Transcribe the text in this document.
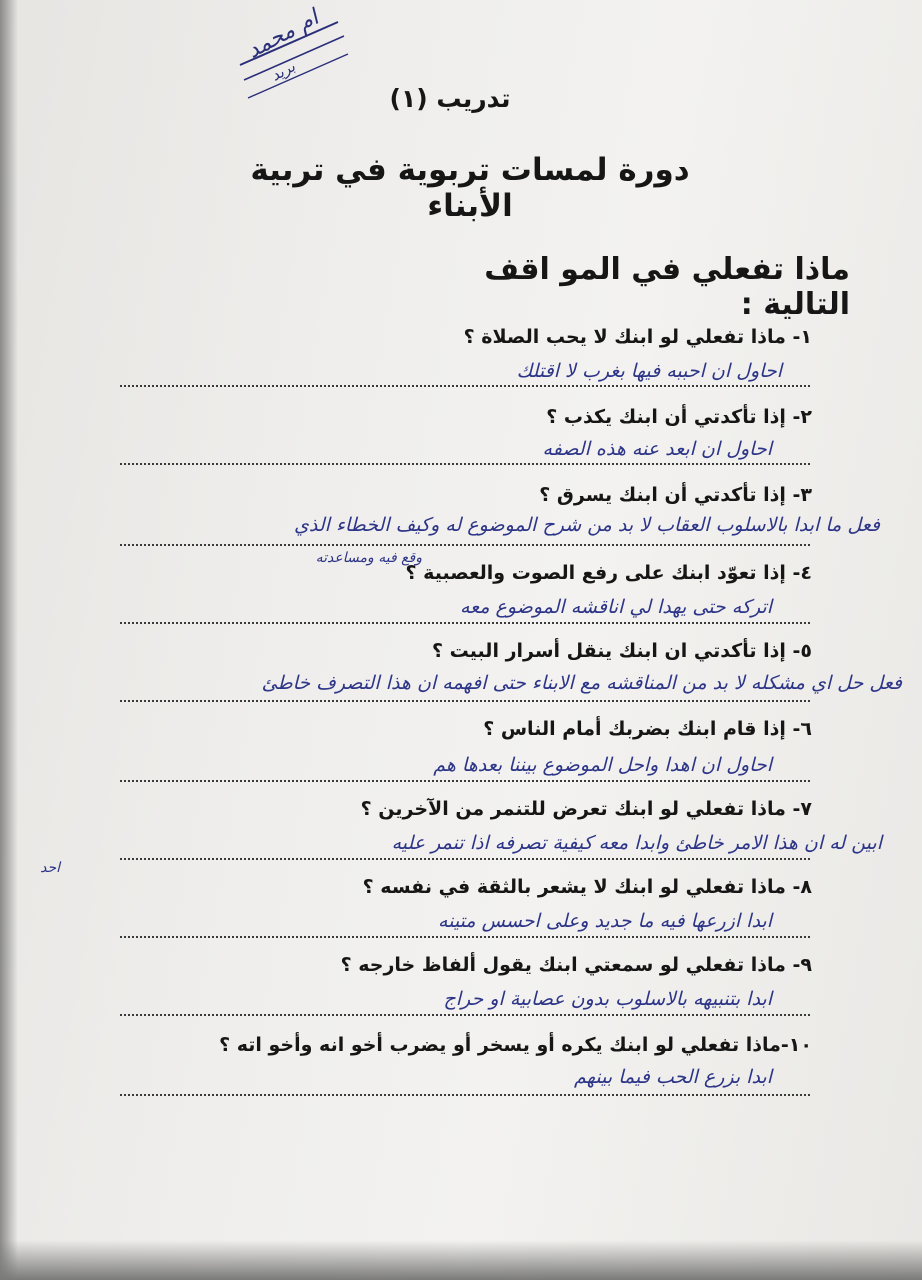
ام محمد
بريد
تدريب (١)
دورة لمسات تربوية في تربية الأبناء
ماذا تفعلي في المو اقف التالية :
١- ماذا تفعلي لو ابنك لا يحب الصلاة ؟
احاول ان احببه فيها بغرب لا اقتلك
٢- إذا تأكدتي أن ابنك يكذب ؟
احاول ان ابعد عنه هذه الصفه
٣- إذا تأكدتي أن ابنك يسرق ؟
فعل ما ابدا بالاسلوب العقاب لا بد من شرح الموضوع له وكيف الخطاء الذي
وقع فيه ومساعدته
٤- إذا تعوّد ابنك على رفع الصوت والعصبية ؟
اتركه حتى يهدا لي اناقشه الموضوع معه
٥- إذا تأكدتي ان ابنك ينقل أسرار البيت ؟
فعل حل اي مشكله لا بد من المناقشه مع الابناء حتى افهمه ان هذا التصرف خاطئ
٦- إذا قام ابنك بضربك أمام الناس ؟
احاول ان اهدا واحل الموضوع بيننا بعدها هم
٧- ماذا تفعلي لو ابنك تعرض للتنمر من الآخرين ؟
ابين له ان هذا الامر خاطئ وابدا معه كيفية تصرفه اذا تنمر عليه
احد
٨- ماذا تفعلي لو ابنك لا يشعر بالثقة في نفسه ؟
ابدا ازرعها فيه ما جديد وعلى احسس متينه
٩- ماذا تفعلي لو سمعتي ابنك يقول ألفاظ خارجه ؟
ابدا بتنبيهه بالاسلوب بدون عصابية او حراج
١٠-ماذا تفعلي لو ابنك يكره أو يسخر أو يضرب أخو انه وأخو اته ؟
ابدا بزرع الحب فيما بينهم
